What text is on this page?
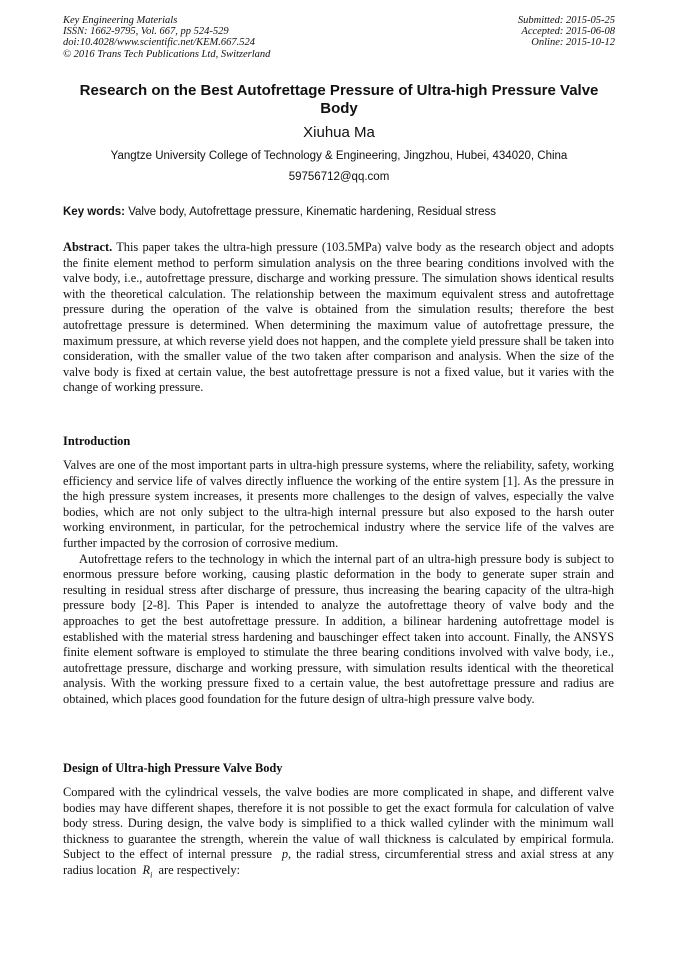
Key Engineering Materials
ISSN: 1662-9795, Vol. 667, pp 524-529
doi:10.4028/www.scientific.net/KEM.667.524
© 2016 Trans Tech Publications Ltd, Switzerland
Submitted: 2015-05-25
Accepted: 2015-06-08
Online: 2015-10-12
Research on the Best Autofrettage Pressure of Ultra-high Pressure Valve Body
Xiuhua Ma
Yangtze University College of Technology & Engineering, Jingzhou, Hubei, 434020, China
59756712@qq.com
Key words: Valve body, Autofrettage pressure, Kinematic hardening, Residual stress

Abstract. This paper takes the ultra-high pressure (103.5MPa) valve body as the research object and adopts the finite element method to perform simulation analysis on the three bearing conditions involved with the valve body, i.e., autofrettage pressure, discharge and working pressure. The simulation shows identical results with the theoretical calculation. The relationship between the maximum equivalent stress and autofrettage pressure during the operation of the valve is obtained from the simulation results; therefore the best autofrettage pressure is determined. When determining the maximum value of autofrettage pressure, the maximum pressure, at which reverse yield does not happen, and the complete yield pressure shall be taken into consideration, with the smaller value of the two taken after comparison and analysis. When the size of the valve body is fixed at certain value, the best autofrettage pressure is not a fixed value, but it varies with the change of working pressure.

Introduction

Valves are one of the most important parts in ultra-high pressure systems, where the reliability, safety, working efficiency and service life of valves directly influence the working of the entire system [1]. As the pressure in the high pressure system increases, it presents more challenges to the design of valves, especially the valve bodies, which are not only subject to the ultra-high internal pressure but also exposed to the harsh outer working environment, in particular, for the petrochemical industry where the service life of the valves are further impacted by the corrosion of corrosive medium.

Autofrettage refers to the technology in which the internal part of an ultra-high pressure body is subject to enormous pressure before working, causing plastic deformation in the body to generate super strain and resulting in residual stress after discharge of pressure, thus increasing the bearing capacity of the ultra-high pressure body [2-8]. This Paper is intended to analyze the autofrettage theory of valve body and the approaches to get the best autofrettage pressure. In addition, a bilinear hardening autofrettage model is established with the material stress hardening and bauschinger effect taken into account. Finally, the ANSYS finite element software is employed to stimulate the three bearing conditions involved with valve body, i.e., autofrettage pressure, discharge and working pressure, with simulation results identical with the theoretical analysis. With the working pressure fixed to a certain value, the best autofrettage pressure and radius are obtained, which places good foundation for the future design of ultra-high pressure valve body.

Design of Ultra-high Pressure Valve Body

Compared with the cylindrical vessels, the valve bodies are more complicated in shape, and different valve bodies may have different shapes, therefore it is not possible to get the exact formula for calculation of valve body stress. During design, the valve body is simplified to a thick walled cylinder with the minimum wall thickness to guarantee the strength, wherein the value of wall thickness is calculated by empirical formula. Subject to the effect of internal pressure p, the radial stress, circumferential stress and axial stress at any radius location $R_i$ are respectively:
